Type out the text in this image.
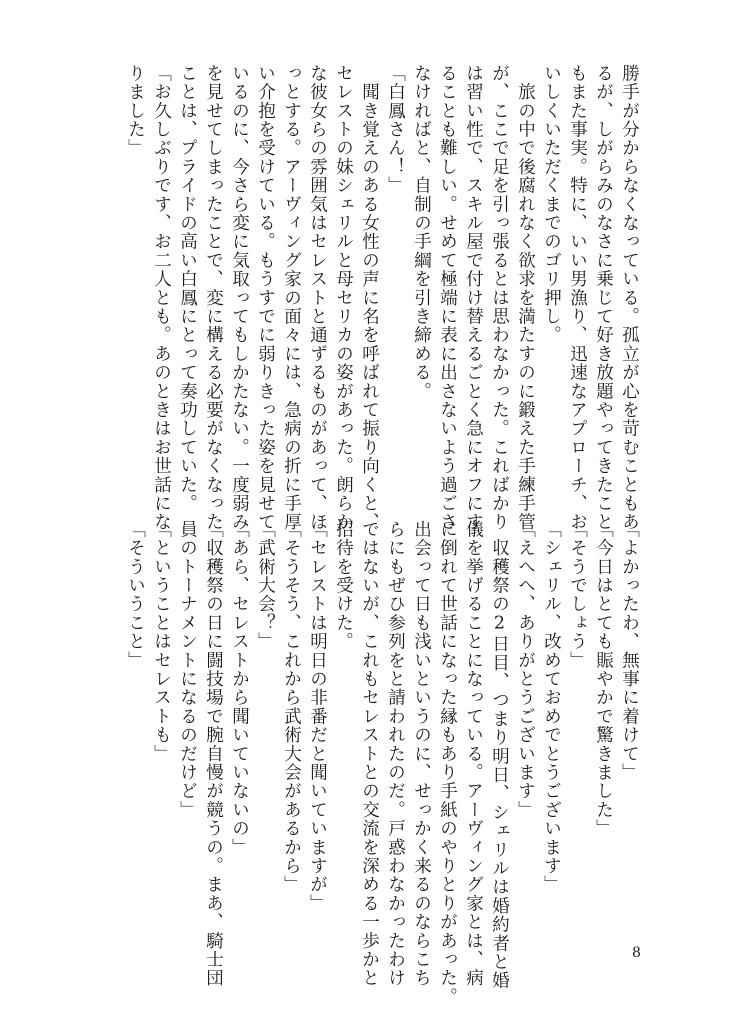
勝手が分からなくなっている。孤立が心を苛むこともあ

るが、しがらみのなさに乗じて好き放題やってきたこと

もまた事実。特に、いい男漁り、迅速なアプローチ、お

いしくいただくまでのゴリ押し。

　旅の中で後腐れなく欲求を満たすのに鍛えた手練手管

が、ここで足を引っ張るとは思わなかった。こればかり

は習い性で、スキル屋で付け替えるごとく急にオフにす

ることも難しい。せめて極端に表に出さないよう過ごさ

なければと、自制の手綱を引き締める。

「白鳳さん！」

　聞き覚えのある女性の声に名を呼ばれて振り向くと、

セレストの妹シェリルと母セリカの姿があった。朗らか

な彼女らの雰囲気はセレストと通ずるものがあって、ほ

っとする。アーヴィング家の面々には、急病の折に手厚

い介抱を受けている。もうすでに弱りきった姿を見せて

いるのに、今さら変に気取ってもしかたない。一度弱み

を見せてしまったことで、変に構える必要がなくなった

ことは、プライドの高い白鳳にとって奏功していた。

「お久しぶりです、お二人とも。あのときはお世話にな

りました」

「よかったわ、無事に着けて」

「今日はとても賑やかで驚きました」

「そうでしょう」

「シェリル、改めておめでとうございます」

「えへへ、ありがとうございます」

　収穫祭の2日目、つまり明日、シェリルは婚約者と婚

儀を挙げることになっている。アーヴィング家とは、病

に倒れて世話になった縁もあり手紙のやりとりがあった。

出会って日も浅いというのに、せっかく来るのならこち

らにもぜひ参列をと請われたのだ。戸惑わなかったわけ

ではないが、これもセレストとの交流を深める一歩かと

招待を受けた。

「セレストは明日の非番だと聞いていますが」

「そうそう、これから武術大会があるから」

「武術大会？」

「あら、セレストから聞いていないの」

「収穫祭の日に闘技場で腕自慢が競うの。まあ、騎士団

員のトーナメントになるのだけど」

「ということはセレストも」

「そういうこと」

8
